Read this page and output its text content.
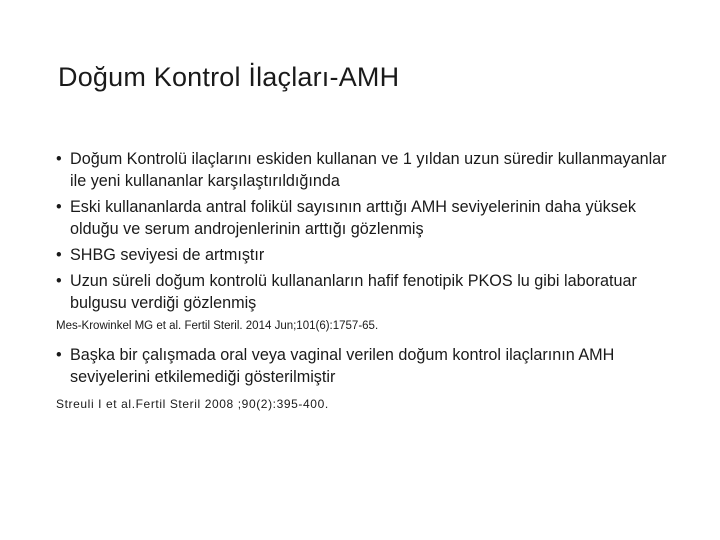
Doğum Kontrol İlaçları-AMH
• Doğum Kontrolü ilaçlarını eskiden kullanan ve 1 yıldan uzun süredir kullanmayanlar ile yeni kullananlar karşılaştırıldığında
• Eski kullananlarda antral folikül sayısının arttığı AMH seviyelerinin daha yüksek olduğu ve serum androjenlerinin arttığı gözlenmiş
• SHBG seviyesi de artmıştır
• Uzun süreli doğum kontrolü kullananların hafif fenotipik PKOS lu gibi laboratuar bulgusu verdiği gözlenmiş
Mes-Krowinkel MG et al. Fertil Steril. 2014 Jun;101(6):1757-65.
• Başka bir çalışmada oral veya vaginal verilen doğum kontrol ilaçlarının AMH seviyelerini etkilemediği gösterilmiştir
Streuli I et al.Fertil Steril 2008 ;90(2):395-400.
